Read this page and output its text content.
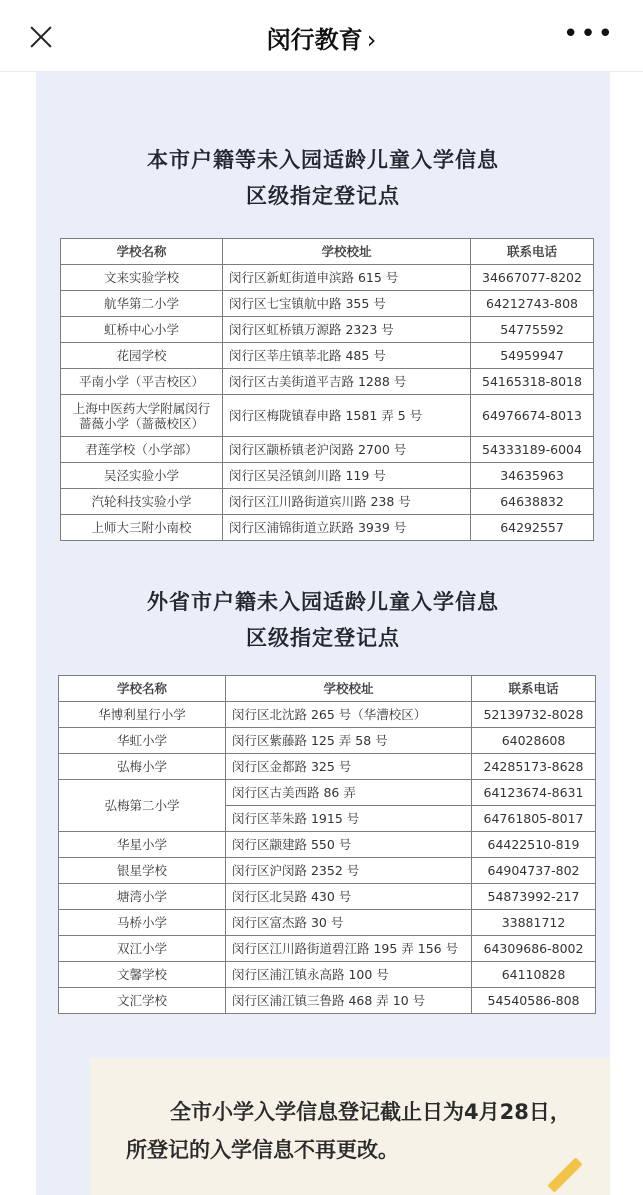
闵行教育 ›	•••
本市户籍等未入园适龄儿童入学信息
区级指定登记点
学校名称	学校校址	联系电话
文来实验学校	闵行区新虹街道申滨路 615 号	34667077-8202
航华第二小学	闵行区七宝镇航中路 355 号	64212743-808
虹桥中心小学	闵行区虹桥镇万源路 2323 号	54775592
花园学校	闵行区莘庄镇莘北路 485 号	54959947
平南小学（平吉校区）	闵行区古美街道平吉路 1288 号	54165318-8018
上海中医药大学附属闵行蔷薇小学（蔷薇校区）	闵行区梅陇镇春申路 1581 弄 5 号	64976674-8013
君莲学校（小学部）	闵行区颛桥镇老沪闵路 2700 号	54333189-6004
吴泾实验小学	闵行区吴泾镇剑川路 119 号	34635963
汽轮科技实验小学	闵行区江川路街道宾川路 238 号	64638832
上师大三附小南校	闵行区浦锦街道立跃路 3939 号	64292557
外省市户籍未入园适龄儿童入学信息
区级指定登记点
学校名称	学校校址	联系电话
华博利星行小学	闵行区北沈路 265 号（华漕校区）	52139732-8028
华虹小学	闵行区紫藤路 125 弄 58 号	64028608
弘梅小学	闵行区金都路 325 号	24285173-8628
弘梅第二小学	闵行区古美西路 86 弄	64123674-8631
	闵行区莘朱路 1915 号	64761805-8017
华星小学	闵行区颛建路 550 号	64422510-819
银星学校	闵行区沪闵路 2352 号	64904737-802
塘湾小学	闵行区北吴路 430 号	54873992-217
马桥小学	闵行区富杰路 30 号	33881712
双江小学	闵行区江川路街道碧江路 195 弄 156 号	64309686-8002
文馨学校	闵行区浦江镇永高路 100 号	64110828
文汇学校	闵行区浦江镇三鲁路 468 弄 10 号	54540586-808
全市小学入学信息登记截止日为4月28日，所登记的入学信息不再更改。
